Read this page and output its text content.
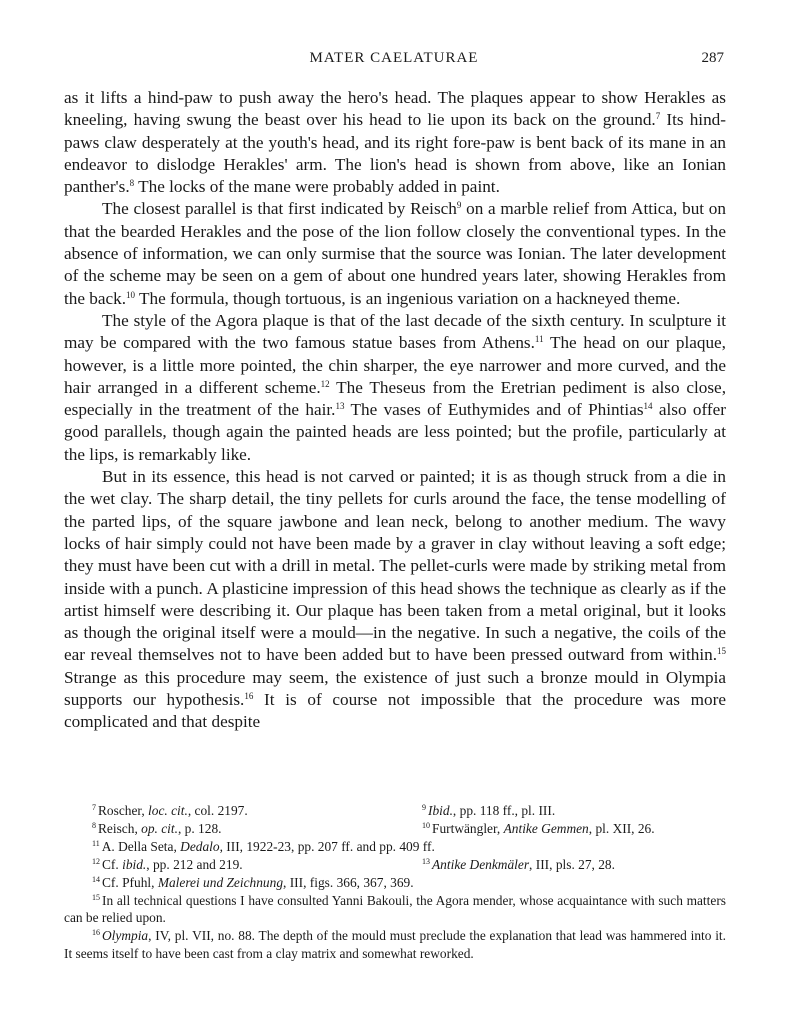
MATER CAELATURAE	287

as it lifts a hind-paw to push away the hero's head. The plaques appear to show Herakles as kneeling, having swung the beast over his head to lie upon its back on the ground.$^7$ Its hind-paws claw desperately at the youth's head, and its right fore-paw is bent back of its mane in an endeavor to dislodge Herakles' arm. The lion's head is shown from above, like an Ionian panther's.$^8$ The locks of the mane were probably added in paint.

The closest parallel is that first indicated by Reisch$^9$ on a marble relief from Attica, but on that the bearded Herakles and the pose of the lion follow closely the conventional types. In the absence of information, we can only surmise that the source was Ionian. The later development of the scheme may be seen on a gem of about one hundred years later, showing Herakles from the back.$^{10}$ The formula, though tortuous, is an ingenious variation on a hackneyed theme.

The style of the Agora plaque is that of the last decade of the sixth century. In sculpture it may be compared with the two famous statue bases from Athens.$^{11}$ The head on our plaque, however, is a little more pointed, the chin sharper, the eye narrower and more curved, and the hair arranged in a different scheme.$^{12}$ The Theseus from the Eretrian pediment is also close, especially in the treatment of the hair.$^{13}$ The vases of Euthymides and of Phintias$^{14}$ also offer good parallels, though again the painted heads are less pointed; but the profile, particularly at the lips, is remarkably like.

But in its essence, this head is not carved or painted; it is as though struck from a die in the wet clay. The sharp detail, the tiny pellets for curls around the face, the tense modelling of the parted lips, of the square jawbone and lean neck, belong to another medium. The wavy locks of hair simply could not have been made by a graver in clay without leaving a soft edge; they must have been cut with a drill in metal. The pellet-curls were made by striking metal from inside with a punch. A plasticine impression of this head shows the technique as clearly as if the artist himself were describing it. Our plaque has been taken from a metal original, but it looks as though the original itself were a mould—in the negative. In such a negative, the coils of the ear reveal themselves not to have been added but to have been pressed outward from within.$^{15}$ Strange as this procedure may seem, the existence of just such a bronze mould in Olympia supports our hypothesis.$^{16}$ It is of course not impossible that the procedure was more complicated and that despite

$^7$ Roscher, loc. cit., col. 2197.	$^9$ Ibid., pp. 118 ff., pl. III.
$^8$ Reisch, op. cit., p. 128.	$^{10}$ Furtwängler, Antike Gemmen, pl. XII, 26.
$^{11}$ A. Della Seta, Dedalo, III, 1922-23, pp. 207 ff. and pp. 409 ff.
$^{12}$ Cf. ibid., pp. 212 and 219.	$^{13}$ Antike Denkmäler, III, pls. 27, 28.
$^{14}$ Cf. Pfuhl, Malerei und Zeichnung, III, figs. 366, 367, 369.
$^{15}$ In all technical questions I have consulted Yanni Bakouli, the Agora mender, whose acquaintance with such matters can be relied upon.
$^{16}$ Olympia, IV, pl. VII, no. 88. The depth of the mould must preclude the explanation that lead was hammered into it. It seems itself to have been cast from a clay matrix and somewhat reworked.
